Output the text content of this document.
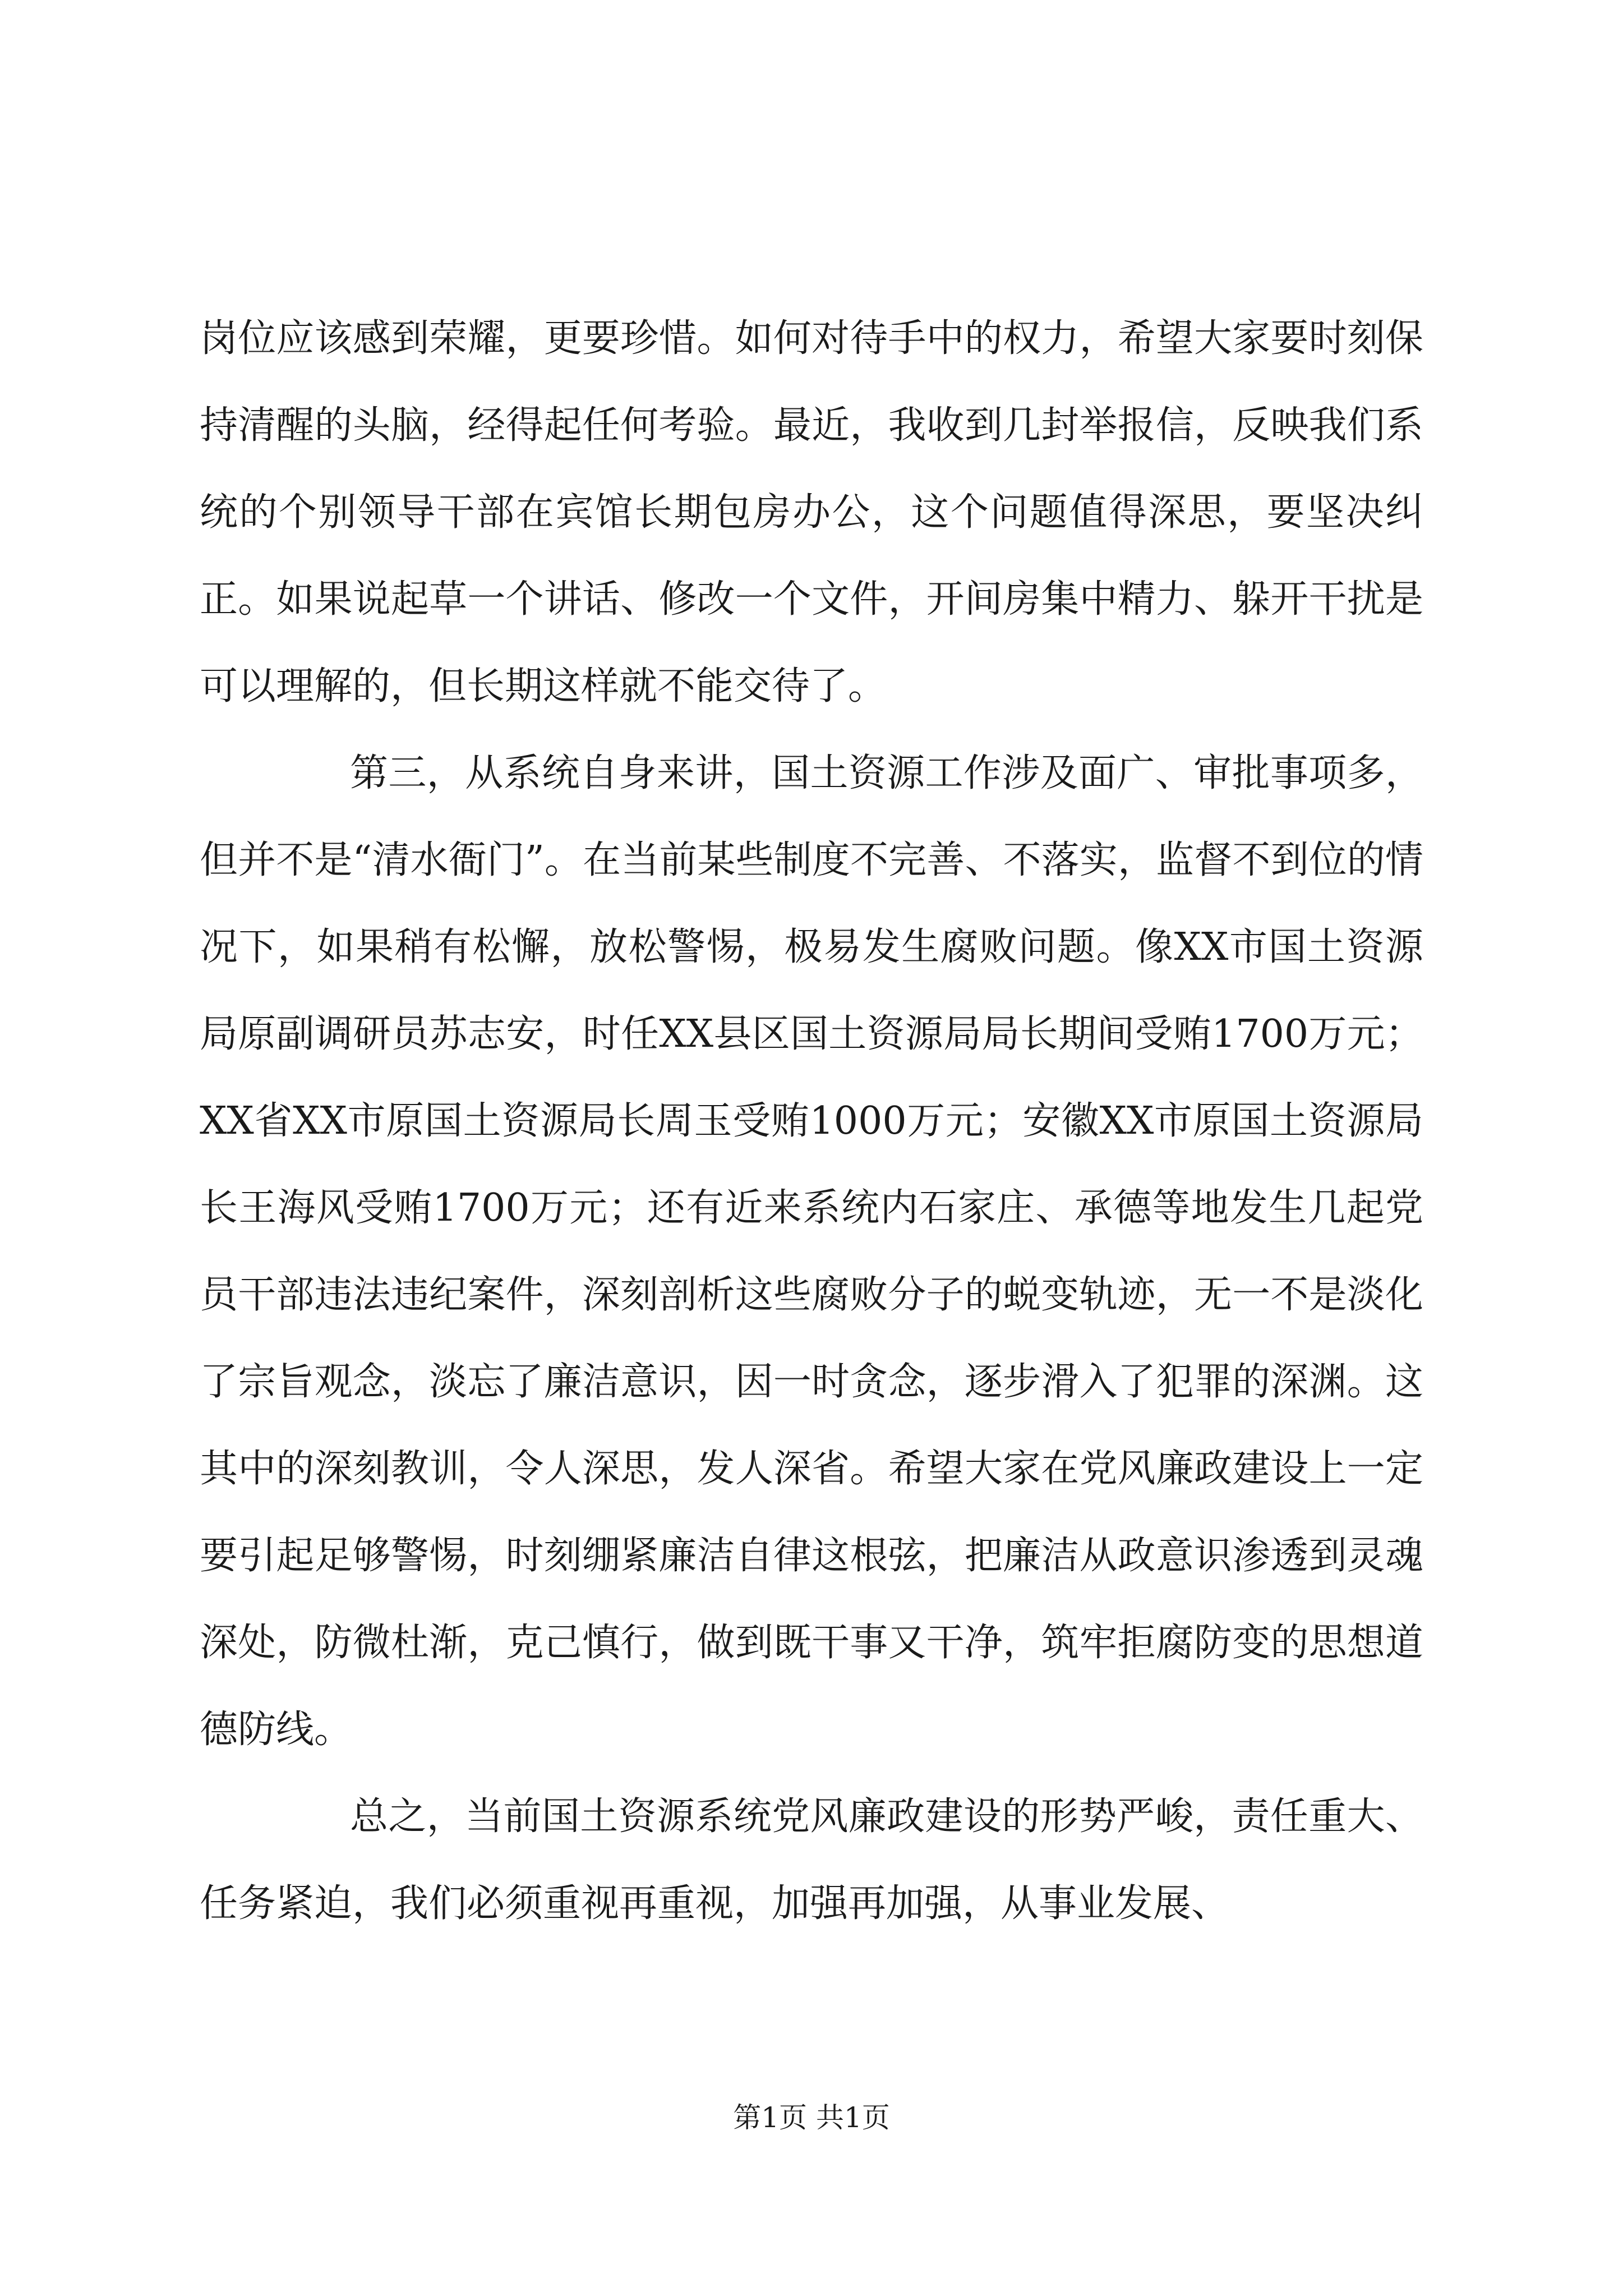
岗位应该感到荣耀，更要珍惜。如何对待手中的权力，希望大家要时刻保持清醒的头脑，经得起任何考验。最近，我收到几封举报信，反映我们系统的个别领导干部在宾馆长期包房办公，这个问题值得深思，要坚决纠正。如果说起草一个讲话、修改一个文件，开间房集中精力、躲开干扰是可以理解的，但长期这样就不能交待了。

第三，从系统自身来讲，国土资源工作涉及面广、审批事项多，但并不是“清水衙门”。在当前某些制度不完善、不落实，监督不到位的情况下，如果稍有松懈，放松警惕，极易发生腐败问题。像XX市国土资源局原副调研员苏志安，时任XX县区国土资源局局长期间受贿1700万元；XX省XX市原国土资源局长周玉受贿1000万元；安徽XX市原国土资源局长王海风受贿1700万元；还有近来系统内石家庄、承德等地发生几起党员干部违法违纪案件，深刻剖析这些腐败分子的蜕变轨迹，无一不是淡化了宗旨观念，淡忘了廉洁意识，因一时贪念，逐步滑入了犯罪的深渊。这其中的深刻教训，令人深思，发人深省。希望大家在党风廉政建设上一定要引起足够警惕，时刻绷紧廉洁自律这根弦，把廉洁从政意识渗透到灵魂深处，防微杜渐，克己慎行，做到既干事又干净，筑牢拒腐防变的思想道德防线。

总之，当前国土资源系统党风廉政建设的形势严峻，责任重大、任务紧迫，我们必须重视再重视，加强再加强，从事业发展、

第1页 共1页
